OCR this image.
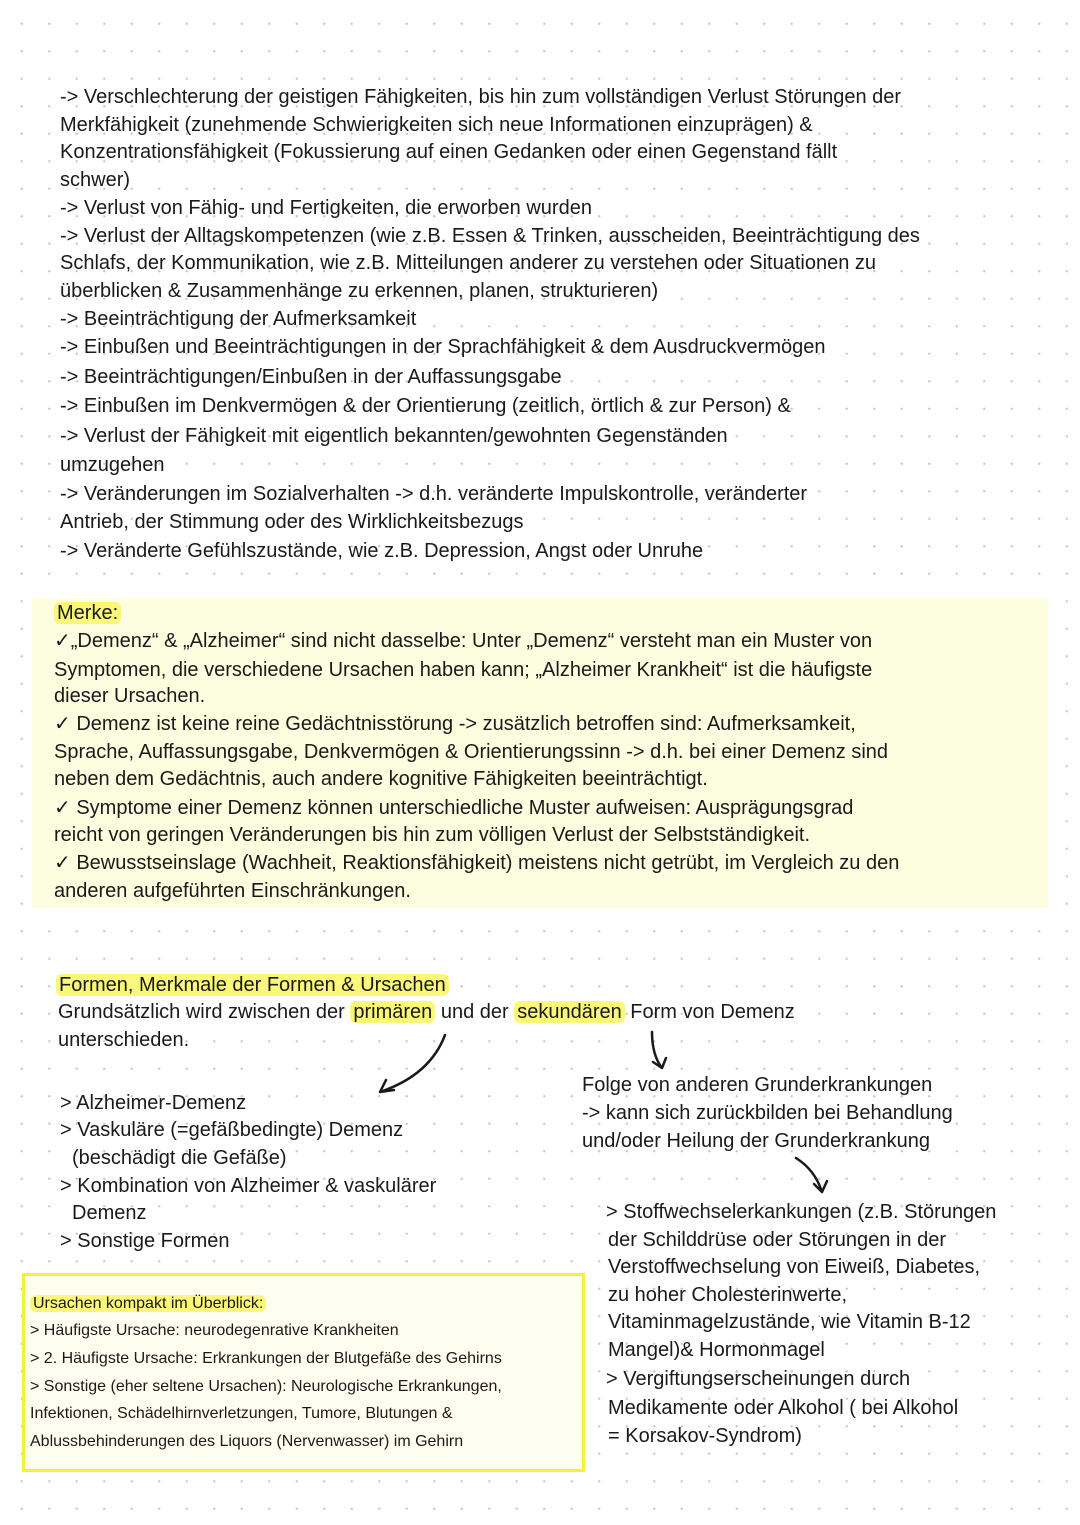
-> Verschlechterung der geistigen Fähigkeiten, bis hin zum vollständigen Verlust Störungen der
Merkfähigkeit (zunehmende Schwierigkeiten sich neue Informationen einzuprägen) &
Konzentrationsfähigkeit (Fokussierung auf einen Gedanken oder einen Gegenstand fällt
schwer)
-> Verlust von Fähig- und Fertigkeiten, die erworben wurden
-> Verlust der Alltagskompetenzen (wie z.B. Essen & Trinken, ausscheiden, Beeinträchtigung des
Schlafs, der Kommunikation, wie z.B. Mitteilungen anderer zu verstehen oder Situationen zu
überblicken & Zusammenhänge zu erkennen, planen, strukturieren)
-> Beeinträchtigung der Aufmerksamkeit
-> Einbußen und Beeinträchtigungen in der Sprachfähigkeit & dem Ausdruckvermögen
-> Beeinträchtigungen/Einbußen in der Auffassungsgabe
-> Einbußen im Denkvermögen & der Orientierung (zeitlich, örtlich & zur Person) &
-> Verlust der Fähigkeit mit eigentlich bekannten/gewohnten Gegenständen
umzugehen
-> Veränderungen im Sozialverhalten -> d.h. veränderte Impulskontrolle, veränderter
Antrieb, der Stimmung oder des Wirklichkeitsbezugs
-> Veränderte Gefühlszustände, wie z.B. Depression, Angst oder Unruhe
Merke:
✓„Demenz“ & „Alzheimer“ sind nicht dasselbe: Unter „Demenz“ versteht man ein Muster von
Symptomen, die verschiedene Ursachen haben kann; „Alzheimer Krankheit“ ist die häufigste
dieser Ursachen.
✓ Demenz ist keine reine Gedächtnisstörung -> zusätzlich betroffen sind: Aufmerksamkeit,
Sprache, Auffassungsgabe, Denkvermögen & Orientierungssinn -> d.h. bei einer Demenz sind
neben dem Gedächtnis, auch andere kognitive Fähigkeiten beeinträchtigt.
✓ Symptome einer Demenz können unterschiedliche Muster aufweisen: Ausprägungsgrad
reicht von geringen Veränderungen bis hin zum völligen Verlust der Selbstständigkeit.
✓ Bewusstseinslage (Wachheit, Reaktionsfähigkeit) meistens nicht getrübt, im Vergleich zu den
anderen aufgeführten Einschränkungen.
Formen, Merkmale der Formen & Ursachen
Grundsätzlich wird zwischen der primären und der sekundären Form von Demenz
unterschieden.
> Alzheimer-Demenz
> Vaskuläre (=gefäßbedingte) Demenz
(beschädigt die Gefäße)
> Kombination von Alzheimer & vaskulärer
Demenz
> Sonstige Formen
Folge von anderen Grunderkrankungen
-> kann sich zurückbilden bei Behandlung
und/oder Heilung der Grunderkrankung
> Stoffwechselerkankungen (z.B. Störungen
der Schilddrüse oder Störungen in der
Verstoffwechselung von Eiweiß, Diabetes,
zu hoher Cholesterinwerte,
Vitaminmagelzustände, wie Vitamin B-12
Mangel)& Hormonmagel
> Vergiftungserscheinungen durch
Medikamente oder Alkohol ( bei Alkohol
= Korsakov-Syndrom)
Ursachen kompakt im Überblick:
> Häufigste Ursache: neurodegenrative Krankheiten
> 2. Häufigste Ursache: Erkrankungen der Blutgefäße des Gehirns
> Sonstige (eher seltene Ursachen): Neurologische Erkrankungen,
Infektionen, Schädelhirnverletzungen, Tumore, Blutungen &
Ablussbehinderungen des Liquors (Nervenwasser) im Gehirn
